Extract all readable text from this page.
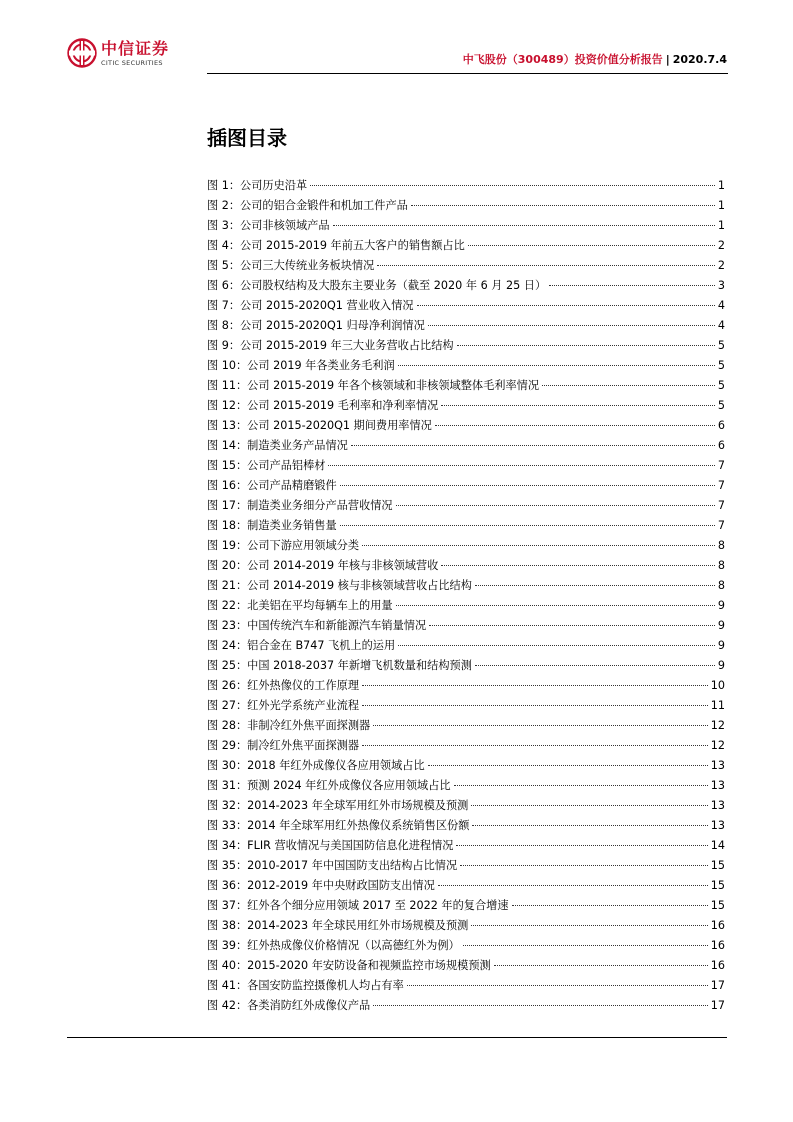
中信证券
CITIC SECURITIES	中飞股份（300489）投资价值分析报告 | 2020.7.4
插图目录
图 1：公司历史沿革	1
图 2：公司的铝合金锻件和机加工件产品	1
图 3：公司非核领域产品	1
图 4：公司 2015-2019 年前五大客户的销售额占比	2
图 5：公司三大传统业务板块情况	2
图 6：公司股权结构及大股东主要业务（截至 2020 年 6 月 25 日）	3
图 7：公司 2015-2020Q1 营业收入情况	4
图 8：公司 2015-2020Q1 归母净利润情况	4
图 9：公司 2015-2019 年三大业务营收占比结构	5
图 10：公司 2019 年各类业务毛利润	5
图 11：公司 2015-2019 年各个核领域和非核领域整体毛利率情况	5
图 12：公司 2015-2019 毛利率和净利率情况	5
图 13：公司 2015-2020Q1 期间费用率情况	6
图 14：制造类业务产品情况	6
图 15：公司产品铝棒材	7
图 16：公司产品精磨锻件	7
图 17：制造类业务细分产品营收情况	7
图 18：制造类业务销售量	7
图 19：公司下游应用领域分类	8
图 20：公司 2014-2019 年核与非核领域营收	8
图 21：公司 2014-2019 核与非核领域营收占比结构	8
图 22：北美铝在平均每辆车上的用量	9
图 23：中国传统汽车和新能源汽车销量情况	9
图 24：铝合金在 B747 飞机上的运用	9
图 25：中国 2018-2037 年新增飞机数量和结构预测	9
图 26：红外热像仪的工作原理	10
图 27：红外光学系统产业流程	11
图 28：非制冷红外焦平面探测器	12
图 29：制冷红外焦平面探测器	12
图 30：2018 年红外成像仪各应用领域占比	13
图 31：预测 2024 年红外成像仪各应用领域占比	13
图 32：2014-2023 年全球军用红外市场规模及预测	13
图 33：2014 年全球军用红外热像仪系统销售区份额	13
图 34：FLIR 营收情况与美国国防信息化进程情况	14
图 35：2010-2017 年中国国防支出结构占比情况	15
图 36：2012-2019 年中央财政国防支出情况	15
图 37：红外各个细分应用领域 2017 至 2022 年的复合增速	15
图 38：2014-2023 年全球民用红外市场规模及预测	16
图 39：红外热成像仪价格情况（以高德红外为例）	16
图 40：2015-2020 年安防设备和视频监控市场规模预测	16
图 41：各国安防监控摄像机人均占有率	17
图 42：各类消防红外成像仪产品	17
